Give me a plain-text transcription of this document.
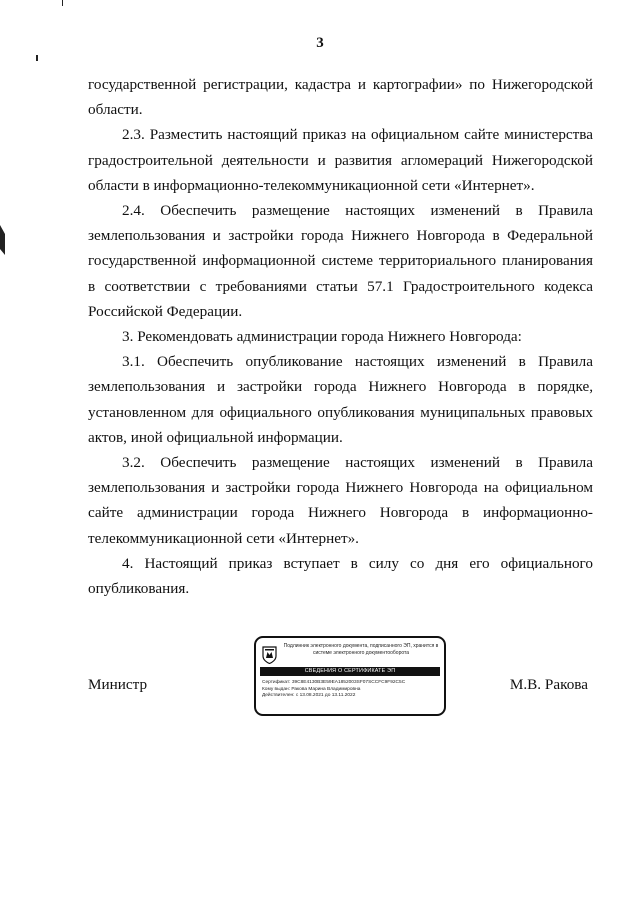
3

государственной регистрации, кадастра и картографии» по Нижегородской области.

2.3. Разместить настоящий приказ на официальном сайте министерства градостроительной деятельности и развития агломераций Нижегородской области в информационно-телекоммуникационной сети «Интернет».

2.4. Обеспечить размещение настоящих изменений в Правила землепользования и застройки города Нижнего Новгорода в Федеральной государственной информационной системе территориального планирования в соответствии с требованиями статьи 57.1 Градостроительного кодекса Российской Федерации.

3. Рекомендовать администрации города Нижнего Новгорода:

3.1. Обеспечить опубликование настоящих изменений в Правила землепользования и застройки города Нижнего Новгорода в порядке, установленном для официального опубликования муниципальных правовых актов, иной официальной информации.

3.2. Обеспечить размещение настоящих изменений в Правила землепользования и застройки города Нижнего Новгорода на официальном сайте администрации города Нижнего Новгорода в информационно-телекоммуникационной сети «Интернет».

4. Настоящий приказ вступает в силу со дня его официального опубликования.

Министр
Подлинник электронного документа, подписанного ЭП, хранится в системе электронного документооборота
СВЕДЕНИЯ О СЕРТИФИКАТЕ ЭП
Сертификат: 39C8E4130B3E59EA1852003SF07SCCFC9F92C5C
Кому выдан: Ракова Марина Владимировна
Действителен: с 13.08.2021 до 13.11.2022
М.В. Ракова
